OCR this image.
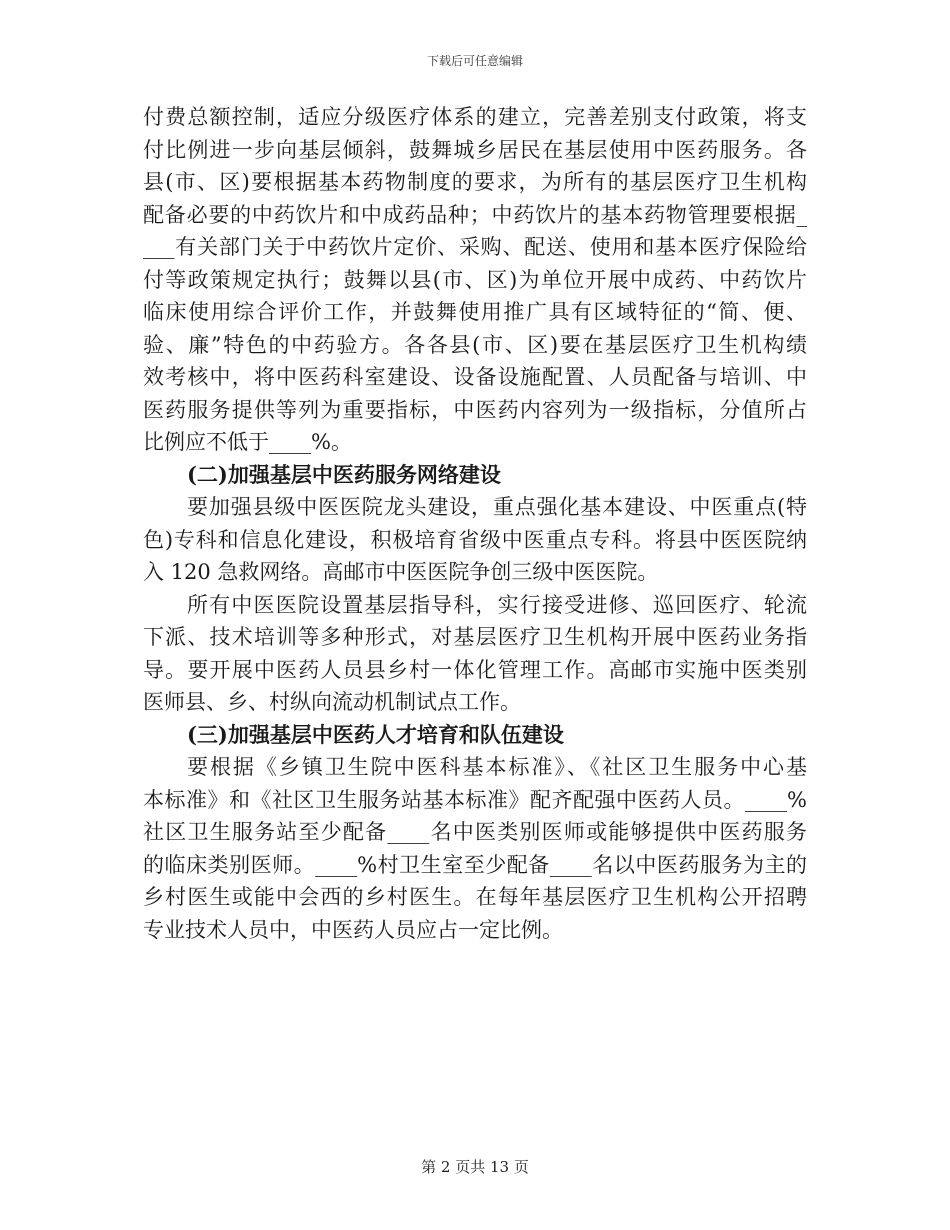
下载后可任意编辑
付费总额控制，适应分级医疗体系的建立，完善差别支付政策，将支
付比例进一步向基层倾斜，鼓舞城乡居民在基层使用中医药服务。各
县(市、区)要根据基本药物制度的要求，为所有的基层医疗卫生机构
配备必要的中药饮片和中成药品种；中药饮片的基本药物管理要根据_
___有关部门关于中药饮片定价、采购、配送、使用和基本医疗保险给
付等政策规定执行；鼓舞以县(市、区)为单位开展中成药、中药饮片
临床使用综合评价工作，并鼓舞使用推广具有区域特征的“简、便、
验、廉”特色的中药验方。各各县(市、区)要在基层医疗卫生机构绩
效考核中，将中医药科室建设、设备设施配置、人员配备与培训、中
医药服务提供等列为重要指标，中医药内容列为一级指标，分值所占
比例应不低于____%。
(二)加强基层中医药服务网络建设
要加强县级中医医院龙头建设，重点强化基本建设、中医重点(特
色)专科和信息化建设，积极培育省级中医重点专科。将县中医医院纳
入 120 急救网络。高邮市中医医院争创三级中医医院。
所有中医医院设置基层指导科，实行接受进修、巡回医疗、轮流
下派、技术培训等多种形式，对基层医疗卫生机构开展中医药业务指
导。要开展中医药人员县乡村一体化管理工作。高邮市实施中医类别
医师县、乡、村纵向流动机制试点工作。
(三)加强基层中医药人才培育和队伍建设
要根据《乡镇卫生院中医科基本标准》、《社区卫生服务中心基
本标准》和《社区卫生服务站基本标准》配齐配强中医药人员。____%
社区卫生服务站至少配备____名中医类别医师或能够提供中医药服务
的临床类别医师。____%村卫生室至少配备____名以中医药服务为主的
乡村医生或能中会西的乡村医生。在每年基层医疗卫生机构公开招聘
专业技术人员中，中医药人员应占一定比例。
第 2 页共 13 页
